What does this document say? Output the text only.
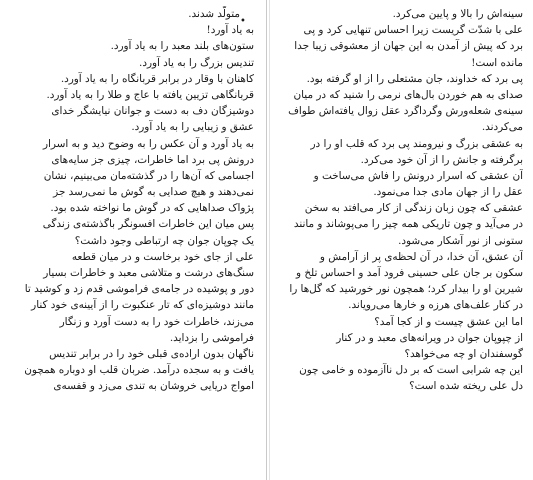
سینه‌اش را بالا و پایین می‌کرد.
علی با شدّت گریست زیرا احساس تنهایی کرد و پی
برد که پیش از آمدن به این جهان از معشوقی زیبا جدا
مانده است!
پی برد که خداوند، جان مشتعلی را از او گرفته بود.
صدای به هم خوردن بال‌های نرمی را شنید که در میان
سینه‌ی شعله‌ورش وگرداگرد عقل زوال یافته‌اش طواف
می‌کردند.
به عشقی بزرگ و نیرومند پی برد که قلب او را در
برگرفته و جانش را از آن خود می‌کرد.
آن عشقی که اسرار درونش را فاش می‌ساخت و
عقل را از جهان مادی جدا می‌نمود.
عشقی که چون زبان زندگی از کار می‌افتد به سخن
در می‌آید و چون تاریکی همه چیز را می‌پوشاند و مانند
ستونی از نور آشکار می‌شود.
آن عشق، آن خدا، در آن لحظه‌ی پر از آرامش و
سکون بر جان علی حسینی فرود آمد و احساس تلخ و
شیرین او را بیدار کرد؛ همچون نور خورشید که گل‌ها را
در کنار علف‌های هرزه و خارها می‌رویاند.
اما این عشق چیست و از کجا آمد؟
از چپوپان جوان در ویرانه‌های معبد و در کنار
گوسفندان او چه می‌خواهد؟
این چه شرابی است که بر دل ناآزموده و خامی چون
دل علی ریخته شده است؟
•
متولّد شدند.
به یاد آورد!
ستون‌های بلند معبد را به یاد آورد.
تندیس بزرگ را به یاد آورد.
کاهنان با وقار در برابر قربانگاه را به یاد آورد.
قربانگاهی تزیین یافته با عاج و طلا را به یاد آورد.
دوشیزگان دف به دست و جوانان نیایشگر خدای
عشق و زیبایی را به یاد آورد.
به یاد آورد و آن عکس را به وضوح دید و به اسرار
درونش پی برد اما خاطرات، چیزی جز سایه‌های
اجسامی که آن‌ها را در گذشته‌مان می‌بینیم، نشان
نمی‌دهند و هیچ صدایی به گوش ما نمی‌رسد جز
پژواک صداهایی که در گوش ما نواخته شده بود.
پس میان این خاطرات افسونگر باگذشته‌ی زندگی
یک چوپان جوان چه ارتباطی وجود داشت؟
علی از جای خود برخاست و در میان قطعه
سنگ‌های درشت و متلاشی معبد و خاطرات بسیار
دور و پوشیده در جامه‌ی فراموشی قدم زد و کوشید تا
مانند دوشیزه‌ای که تار عنکبوت را از آیینه‌ی خود کنار
می‌زند، خاطرات خود را به دست آورد و زنگار
فراموشی را بزداید.
ناگهان بدون اراده‌ی قبلی خود را در برابر تندیس
یافت و به سجده درآمد. ضربان قلب او دوباره همچون
امواج دریایی خروشان به تندی می‌زد و قفسه‌ی
